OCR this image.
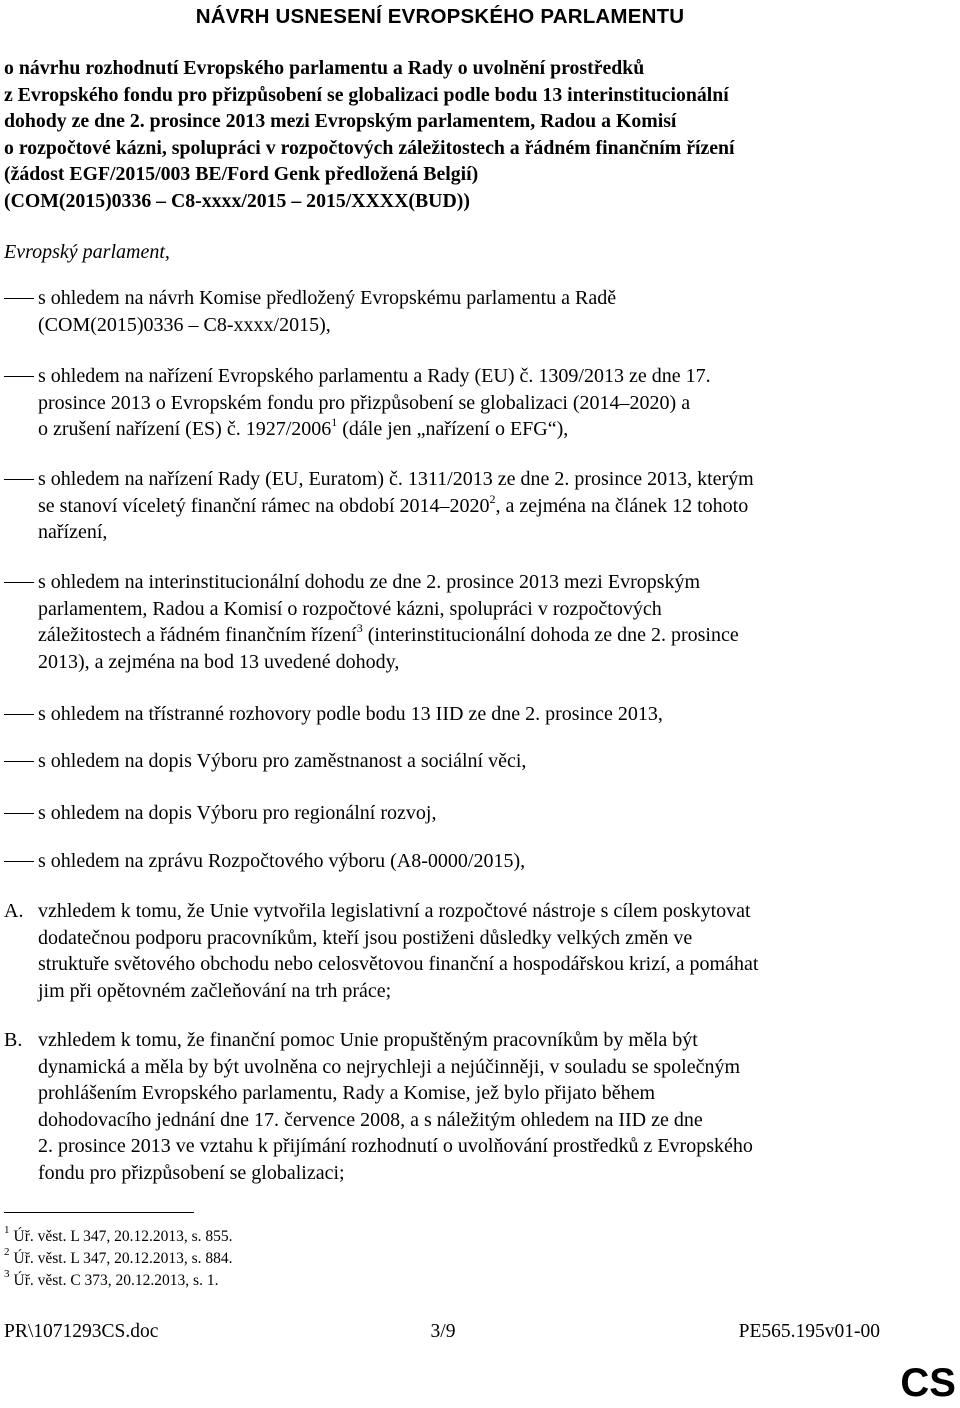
NÁVRH USNESENÍ EVROPSKÉHO PARLAMENTU
o návrhu rozhodnutí Evropského parlamentu a Rady o uvolnění prostředků
z Evropského fondu pro přizpůsobení se globalizaci podle bodu 13 interinstitucionální
dohody ze dne 2. prosince 2013 mezi Evropským parlamentem, Radou a Komisí
o rozpočtové kázni, spolupráci v rozpočtových záležitostech a řádném finančním řízení
(žádost EGF/2015/003 BE/Ford Genk předložená Belgií)
(COM(2015)0336 – C8-xxxx/2015 – 2015/XXXX(BUD))
Evropský parlament,
s ohledem na návrh Komise předložený Evropskému parlamentu a Radě
(COM(2015)0336 – C8‑xxxx/2015),
s ohledem na nařízení Evropského parlamentu a Rady (EU) č. 1309/2013 ze dne 17.
prosince 2013 o Evropském fondu pro přizpůsobení se globalizaci (2014–2020) a
o zrušení nařízení (ES) č. 1927/2006$^1$ (dále jen „nařízení o EFG“),
s ohledem na nařízení Rady (EU, Euratom) č. 1311/2013 ze dne 2. prosince 2013, kterým
se stanoví víceletý finanční rámec na období 2014–2020$^2$, a zejména na článek 12 tohoto
nařízení,
s ohledem na interinstitucionální dohodu ze dne 2. prosince 2013 mezi Evropským
parlamentem, Radou a Komisí o rozpočtové kázni, spolupráci v rozpočtových
záležitostech a řádném finančním řízení$^3$ (interinstitucionální dohoda ze dne 2. prosince
2013), a zejména na bod 13 uvedené dohody,
s ohledem na třístranné rozhovory podle bodu 13 IID ze dne 2. prosince 2013,
s ohledem na dopis Výboru pro zaměstnanost a sociální věci,
s ohledem na dopis Výboru pro regionální rozvoj,
s ohledem na zprávu Rozpočtového výboru (A8-0000/2015),
A. vzhledem k tomu, že Unie vytvořila legislativní a rozpočtové nástroje s cílem poskytovat
dodatečnou podporu pracovníkům, kteří jsou postiženi důsledky velkých změn ve
struktuře světového obchodu nebo celosvětovou finanční a hospodářskou krizí, a pomáhat
jim při opětovném začleňování na trh práce;
B. vzhledem k tomu, že finanční pomoc Unie propuštěným pracovníkům by měla být
dynamická a měla by být uvolněna co nejrychleji a nejúčinněji, v souladu se společným
prohlášením Evropského parlamentu, Rady a Komise, jež bylo přijato během
dohodovacího jednání dne 17. července 2008, a s náležitým ohledem na IID ze dne
2. prosince 2013 ve vztahu k přijímání rozhodnutí o uvolňování prostředků z Evropského
fondu pro přizpůsobení se globalizaci;
$^1$ Úř. věst. L 347, 20.12.2013, s. 855.
$^2$ Úř. věst. L 347, 20.12.2013, s. 884.
$^3$ Úř. věst. C 373, 20.12.2013, s. 1.
PR\1071293CS.doc	3/9	PE565.195v01-00
CS
